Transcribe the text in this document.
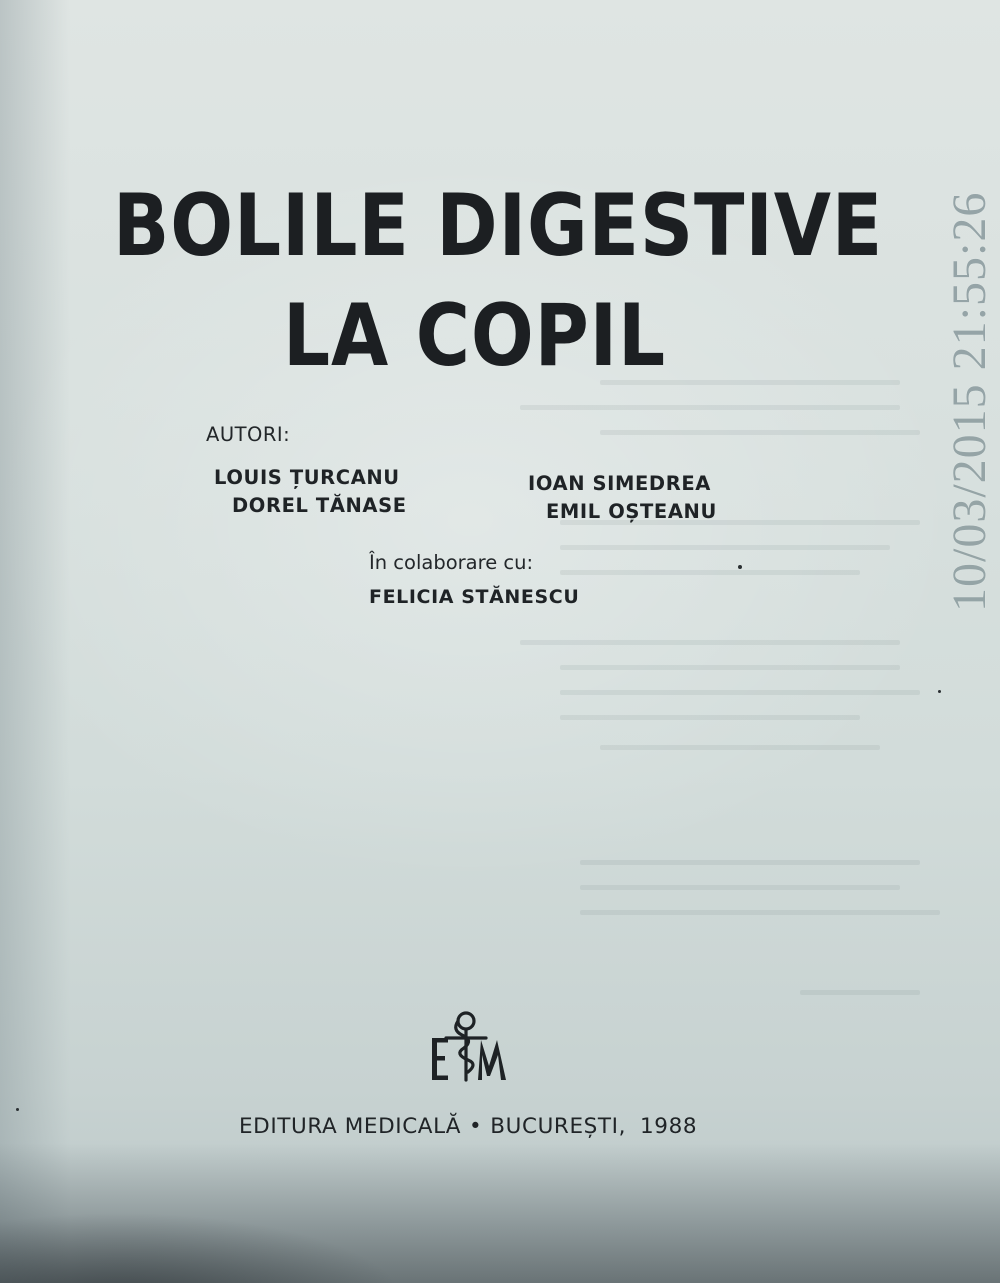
BOLILE DIGESTIVE
LA COPIL
AUTORI:
LOUIS ȚURCANU
DOREL TĂNASE
IOAN SIMEDREA
EMIL OȘTEANU
În colaborare cu:
FELICIA STĂNESCU
EDITURA MEDICALĂ • BUCUREȘTI, 1988
10/03/2015 21:55:26
